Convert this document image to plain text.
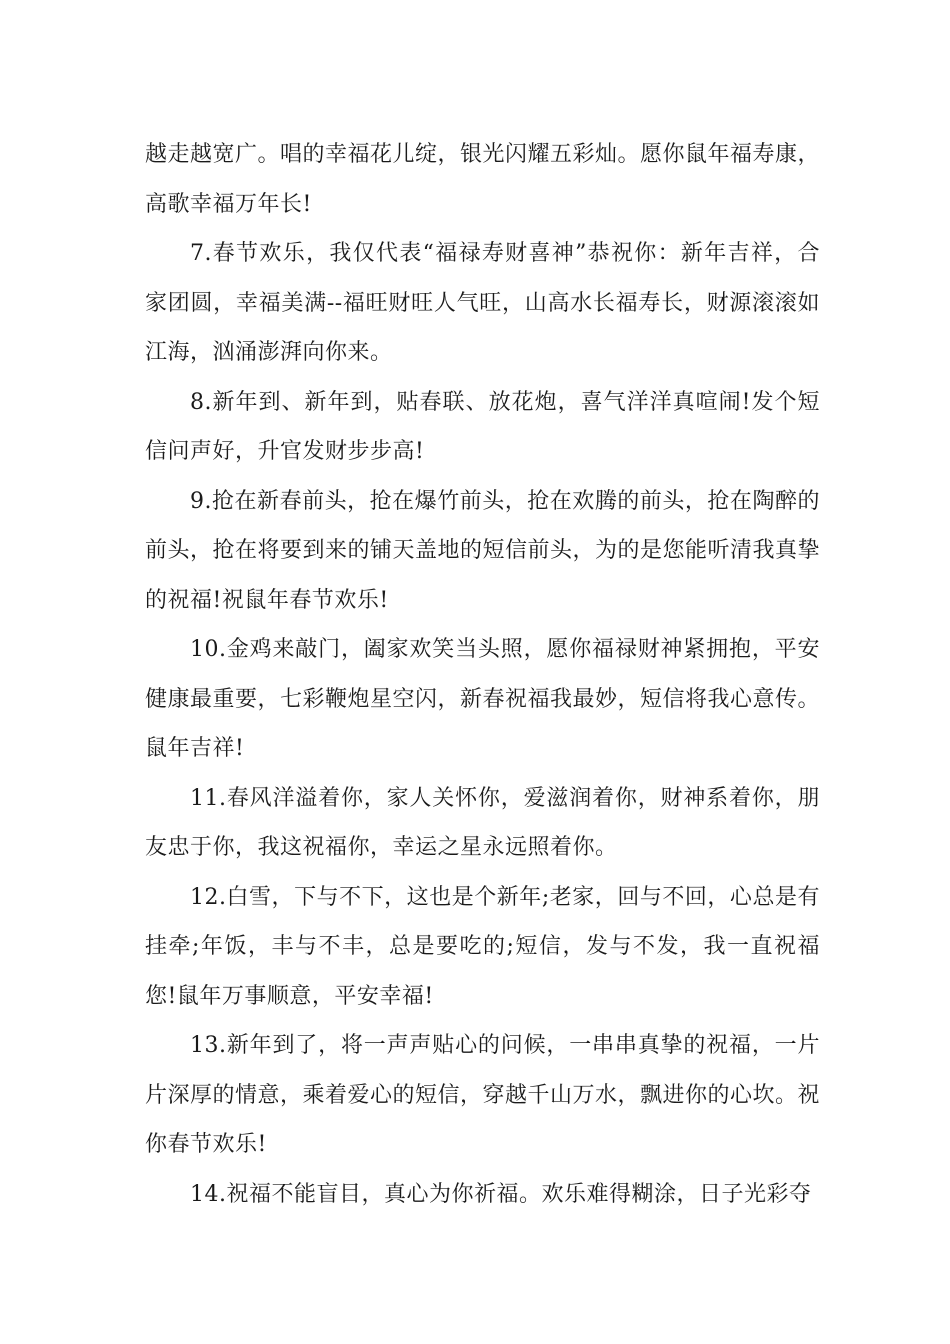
越走越宽广。唱的幸福花儿绽，银光闪耀五彩灿。愿你鼠年福寿康，高歌幸福万年长!

7.春节欢乐，我仅代表“福禄寿财喜神”恭祝你：新年吉祥，合家团圆，幸福美满--福旺财旺人气旺，山高水长福寿长，财源滚滚如江海，汹涌澎湃向你来。

8.新年到、新年到，贴春联、放花炮，喜气洋洋真喧闹!发个短信问声好，升官发财步步高!

9.抢在新春前头，抢在爆竹前头，抢在欢腾的前头，抢在陶醉的前头，抢在将要到来的铺天盖地的短信前头，为的是您能听清我真挚的祝福!祝鼠年春节欢乐!

10.金鸡来敲门，阖家欢笑当头照，愿你福禄财神紧拥抱，平安健康最重要，七彩鞭炮星空闪，新春祝福我最妙，短信将我心意传。鼠年吉祥!

11.春风洋溢着你，家人关怀你，爱滋润着你，财神系着你，朋友忠于你，我这祝福你，幸运之星永远照着你。

12.白雪，下与不下，这也是个新年;老家，回与不回，心总是有挂牵;年饭，丰与不丰，总是要吃的;短信，发与不发，我一直祝福您!鼠年万事顺意，平安幸福!

13.新年到了，将一声声贴心的问候，一串串真挚的祝福，一片片深厚的情意，乘着爱心的短信，穿越千山万水，飘进你的心坎。祝你春节欢乐!

14.祝福不能盲目，真心为你祈福。欢乐难得糊涂，日子光彩夺
